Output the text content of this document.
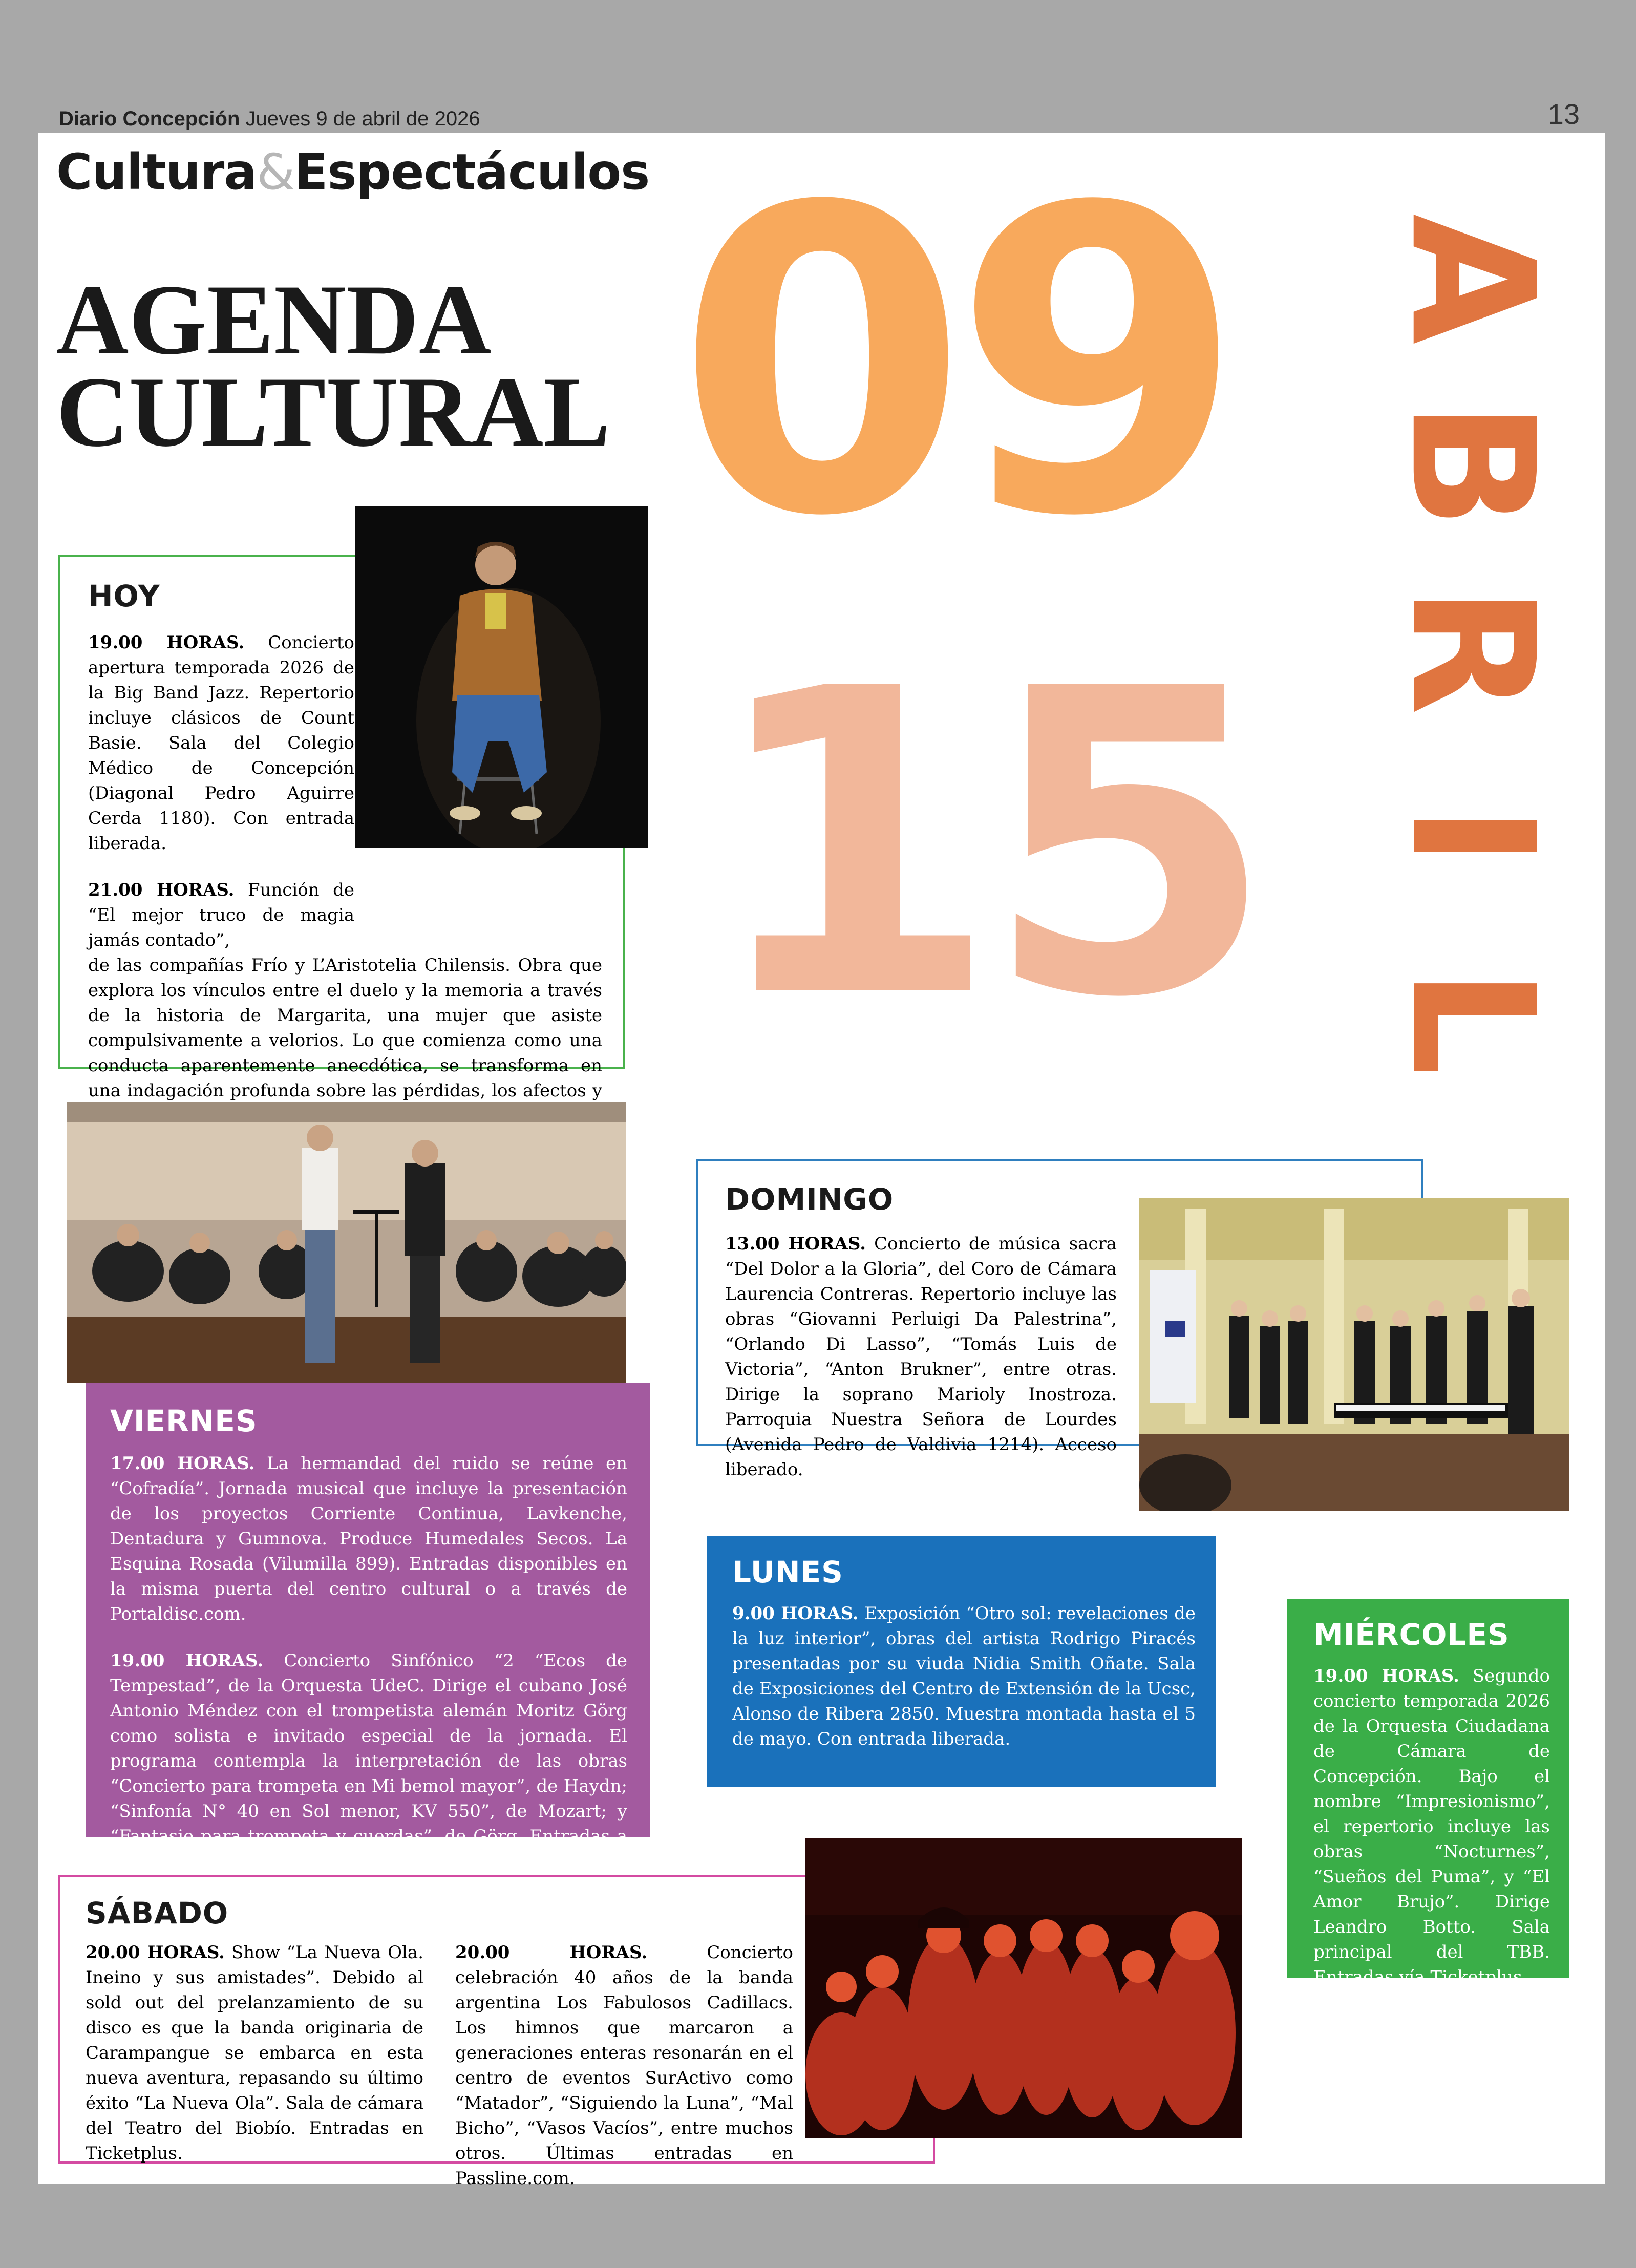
Diario Concepción Jueves 9 de abril de 2026	13
Cultura&Espectáculos
AGENDA
CULTURAL 09
15
A
B
R
I
L
HOY

19.00 HORAS. Concierto apertura temporada 2026 de la Big Band Jazz. Repertorio incluye clásicos de Count Basie. Sala del Colegio Médico de Concepción (Diagonal Pedro Aguirre Cerda 1180). Con entrada liberada.

21.00 HORAS. Función de “El mejor truco de magia jamás contado”,

de las compañías Frío y L’Aristotelia Chilensis. Obra que explora los vínculos entre el duelo y la memoria a través de la historia de Margarita, una mujer que asiste compulsivamente a velorios. Lo que comienza como una conducta aparentemente anecdótica, se transforma en una indagación profunda sobre las pérdidas, los afectos y

VIERNES

17.00 HORAS. La hermandad del ruido se reúne en “Cofradía”. Jornada musical que incluye la presentación de los proyectos Corriente Continua, Lavkenche, Dentadura y Gumnova. Produce Humedales Secos. La Esquina Rosada (Vilumilla 899). Entradas disponibles en la misma puerta del centro cultural o a través de Portaldisc.com.

19.00 HORAS. Concierto Sinfónico “2 “Ecos de Tempestad”, de la Orquesta UdeC. Dirige el cubano José Antonio Méndez con el trompetista alemán Moritz Görg como solista e invitado especial de la jornada. El programa contempla la interpretación de las obras “Concierto para trompeta en Mi bemol mayor”, de Haydn; “Sinfonía N° 40 en Sol menor, KV 550”, de Mozart; y “Fantasie para trompeta y cuerdas”, de Görg. Entradas a través de Ticketplus.

DOMINGO

13.00 HORAS. Concierto de música sacra “Del Dolor a la Gloria”, del Coro de Cámara Laurencia Contreras. Repertorio incluye las obras “Giovanni Perluigi Da Palestrina”, “Orlando Di Lasso”, “Tomás Luis de Victoria”, “Anton Brukner”, entre otras. Dirige la soprano Marioly Inostroza. Parroquia Nuestra Señora de Lourdes (Avenida Pedro de Valdivia 1214). Acceso liberado.

LUNES

9.00 HORAS. Exposición “Otro sol: revelaciones de la luz interior”, obras del artista Rodrigo Piracés presentadas por su viuda Nidia Smith Oñate. Sala de Exposiciones del Centro de Extensión de la Ucsc, Alonso de Ribera 2850. Muestra montada hasta el 5 de mayo. Con entrada liberada.

MIÉRCOLES

19.00 HORAS. Segundo concierto temporada 2026 de la Orquesta Ciudadana de Cámara de Concepción. Bajo el nombre “Impresionismo”, el repertorio incluye las obras “Nocturnes”, “Sueños del Puma”, y “El Amor Brujo”. Dirige Leandro Botto. Sala principal del TBB. Entradas vía Ticketplus.

SÁBADO

20.00 HORAS. Show “La Nueva Ola. Ineino y sus amistades”. Debido al sold out del prelanzamiento de su disco es que la banda originaria de Carampangue se embarca en esta nueva aventura, repasando su último éxito “La Nueva Ola”. Sala de cámara del Teatro del Biobío. Entradas en Ticketplus.

20.00 HORAS.	Concierto celebración 40 años de la banda argentina Los Fabulosos Cadillacs. Los himnos que marcaron a generaciones enteras resonarán en el centro de eventos SurActivo como “Matador”, “Siguiendo la Luna”, “Mal Bicho”, “Vasos Vacíos”, entre muchos otros. Últimas entradas en Passline.com.
